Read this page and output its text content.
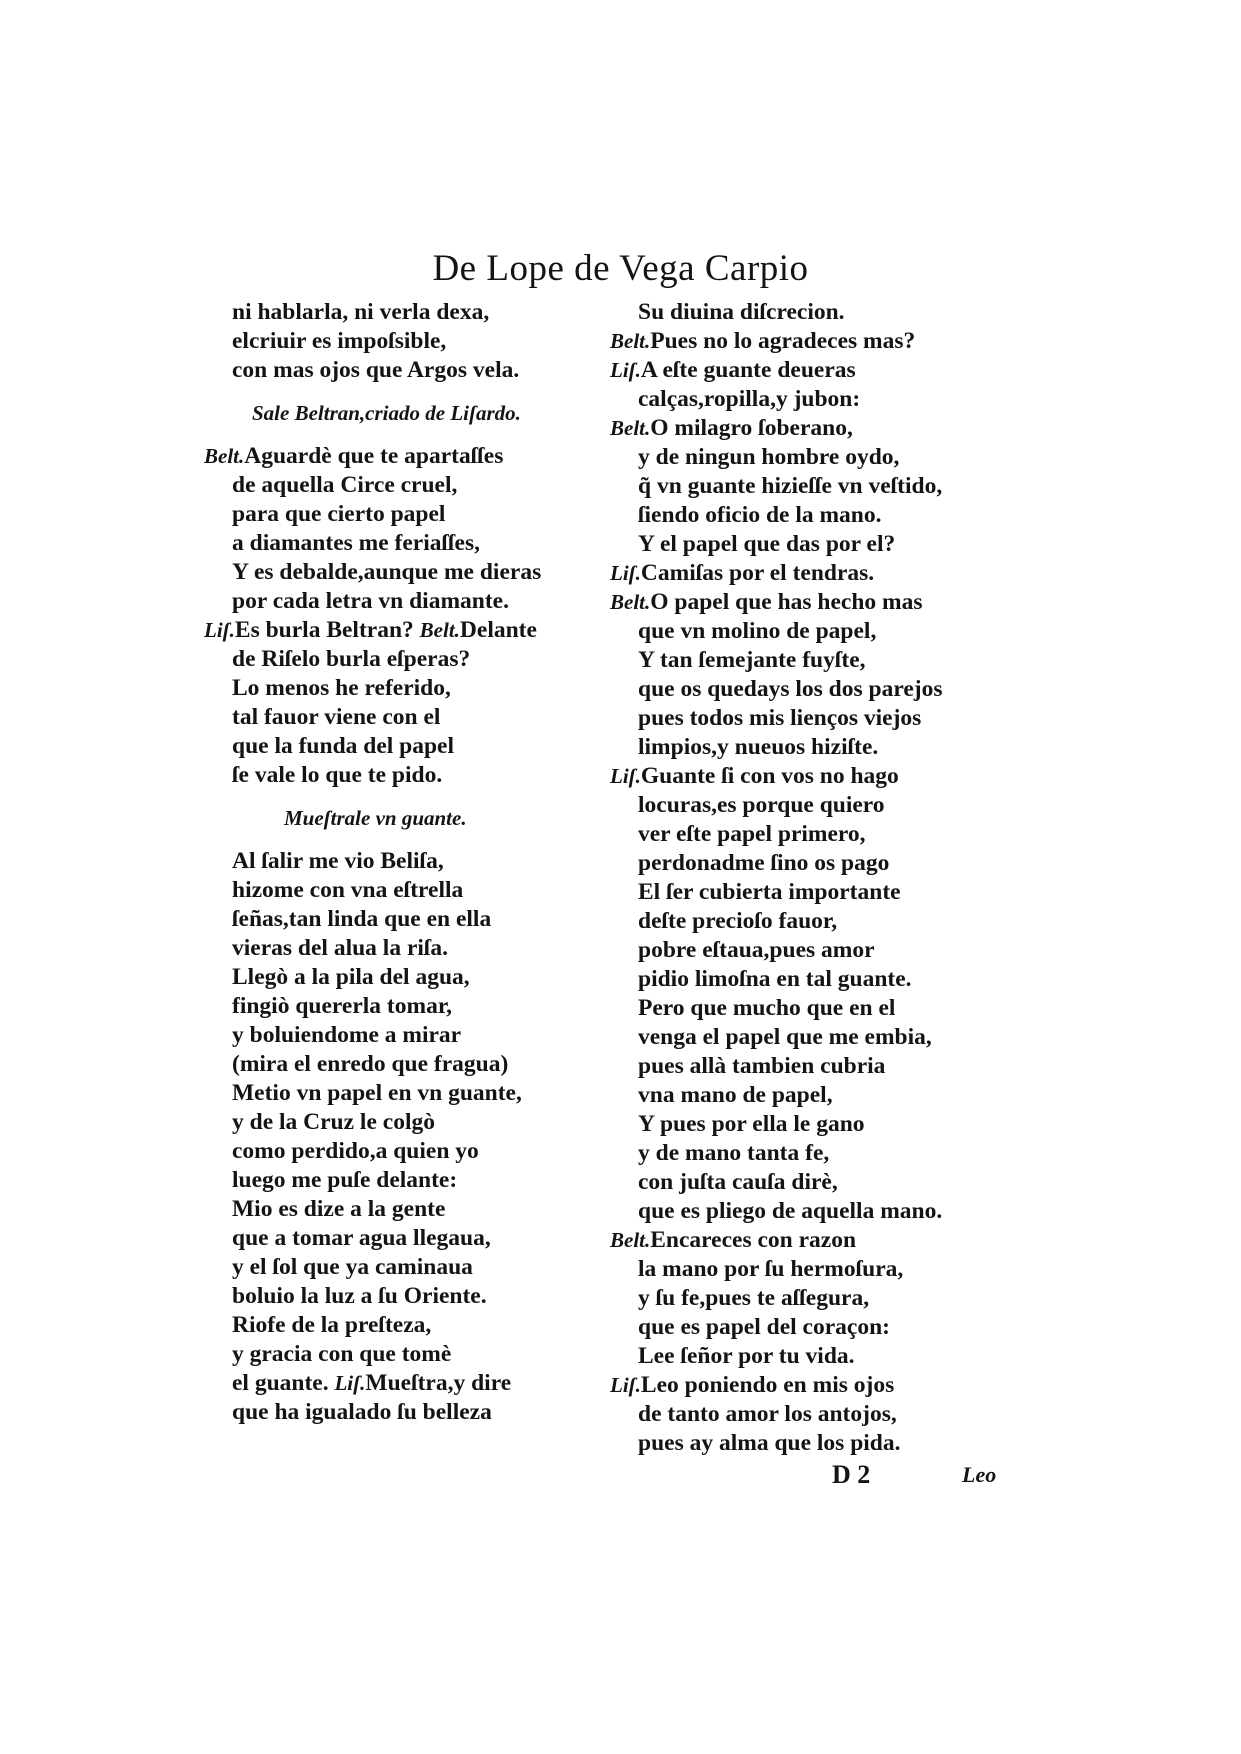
De Lope de Vega Carpio
ni hablarla, ni verla dexa,
elcriuir es impoſsible,
con mas ojos que Argos vela.
Sale Beltran,criado de Liſardo.
Belt.Aguardè que te apartaſſes
de aquella Circe cruel,
para que cierto papel
a diamantes me feriaſſes,
Y es debalde,aunque me dieras
por cada letra vn diamante.
Liſ.Es burla Beltran? Belt.Delante
de Riſelo burla eſperas?
Lo menos he referido,
tal fauor viene con el
que la funda del papel
ſe vale lo que te pido.
Mueſtrale vn guante.
Al ſalir me vio Beliſa,
hizome con vna eſtrella
ſeñas,tan linda que en ella
vieras del alua la riſa.
Llegò a la pila del agua,
fingiò quererla tomar,
y boluiendome a mirar
(mira el enredo que fragua)
Metio vn papel en vn guante,
y de la Cruz le colgò
como perdido,a quien yo
luego me puſe delante:
Mio es dize a la gente
que a tomar agua llegaua,
y el ſol que ya caminaua
boluio la luz a ſu Oriente.
Riofe de la preſteza,
y gracia con que tomè
el guante. Liſ.Mueſtra,y dire
que ha igualado ſu belleza
Su diuina diſcrecion.
Belt.Pues no lo agradeces mas?
Liſ.A eſte guante deueras
calças,ropilla,y jubon:
Belt.O milagro ſoberano,
y de ningun hombre oydo,
q̃ vn guante hizieſſe vn veſtido,
ſiendo oficio de la mano.
Y el papel que das por el?
Liſ.Camiſas por el tendras.
Belt.O papel que has hecho mas
que vn molino de papel,
Y tan ſemejante fuyſte,
que os quedays los dos parejos
pues todos mis lienços viejos
limpios,y nueuos hiziſte.
Liſ.Guante ſi con vos no hago
locuras,es porque quiero
ver eſte papel primero,
perdonadme ſino os pago
El ſer cubierta importante
deſte precioſo fauor,
pobre eſtaua,pues amor
pidio limoſna en tal guante.
Pero que mucho que en el
venga el papel que me embia,
pues allà tambien cubria
vna mano de papel,
Y pues por ella le gano
y de mano tanta fe,
con juſta cauſa dirè,
que es pliego de aquella mano.
Belt.Encareces con razon
la mano por ſu hermoſura,
y ſu fe,pues te aſſegura,
que es papel del coraçon:
Lee ſeñor por tu vida.
Liſ.Leo poniendo en mis ojos
de tanto amor los antojos,
pues ay alma que los pida.
D 2	Leo
